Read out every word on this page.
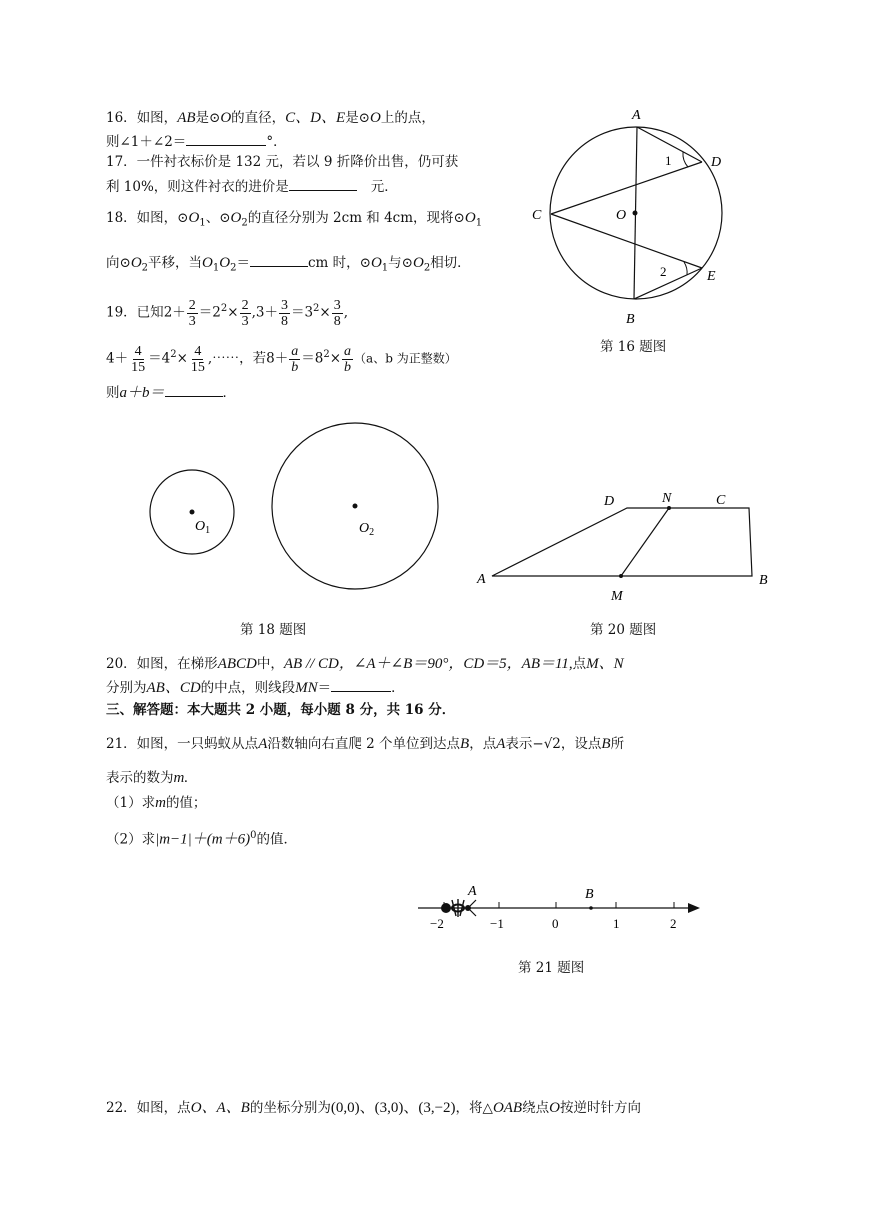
16．如图，AB是⊙O的直径，C、D、E是⊙O上的点，
则∠1＋∠2＝	°．
17．一件衬衣标价是 132 元，若以 9 折降价出售，仍可获
利 10%，则这件衬衣的进价是	元．
18．如图，$⊙O_1$、$⊙O_2$的直径分别为 2cm 和 4cm，现将$⊙O_1$
向$⊙O_2$平移，当$O_1O_2=$	cm 时，$⊙O_1$与$⊙O_2$相切．
19．已知$2+ \frac{2}{3} =2^2\times \frac{2}{3} ,3+ \frac{3}{8} =3^2\times \frac{3}{8}$ ,
$4+ \frac{4}{15} =4^2\times \frac{4}{15}$ ,⋯⋯，若$8+ \frac{a}{b} =8^2\times \frac{a}{b} (a$、b 为正整数）
则a＋b＝	．
A
B
C
D
E
O
1
2
第 16 题图
$O_1$	$O_2$
第 18 题图
A	B
C
D
M
N
第 20 题图
20．如图，在梯形ABCD中，AB // CD，∠A＋∠B＝90°，CD＝5，AB＝11,点M、N
分别为AB、CD的中点，则线段MN＝	．
三、解答题：本大题共 2 小题，每小题 8 分，共 16 分．
21．如图，一只蚂蚁从点A沿数轴向右直爬 2 个单位到达点B，点A表示−√2，设点B所
表示的数为m.
（1）求m的值；
（2）求$|m-1|+(m+6)^0$的值．
−2	−1	0	1	2
A	B
第 21 题图
22．如图，点O、A、B的坐标分别为(0,0)、(3,0)、(3,−2)，将△OAB绕点O按逆时针方向
